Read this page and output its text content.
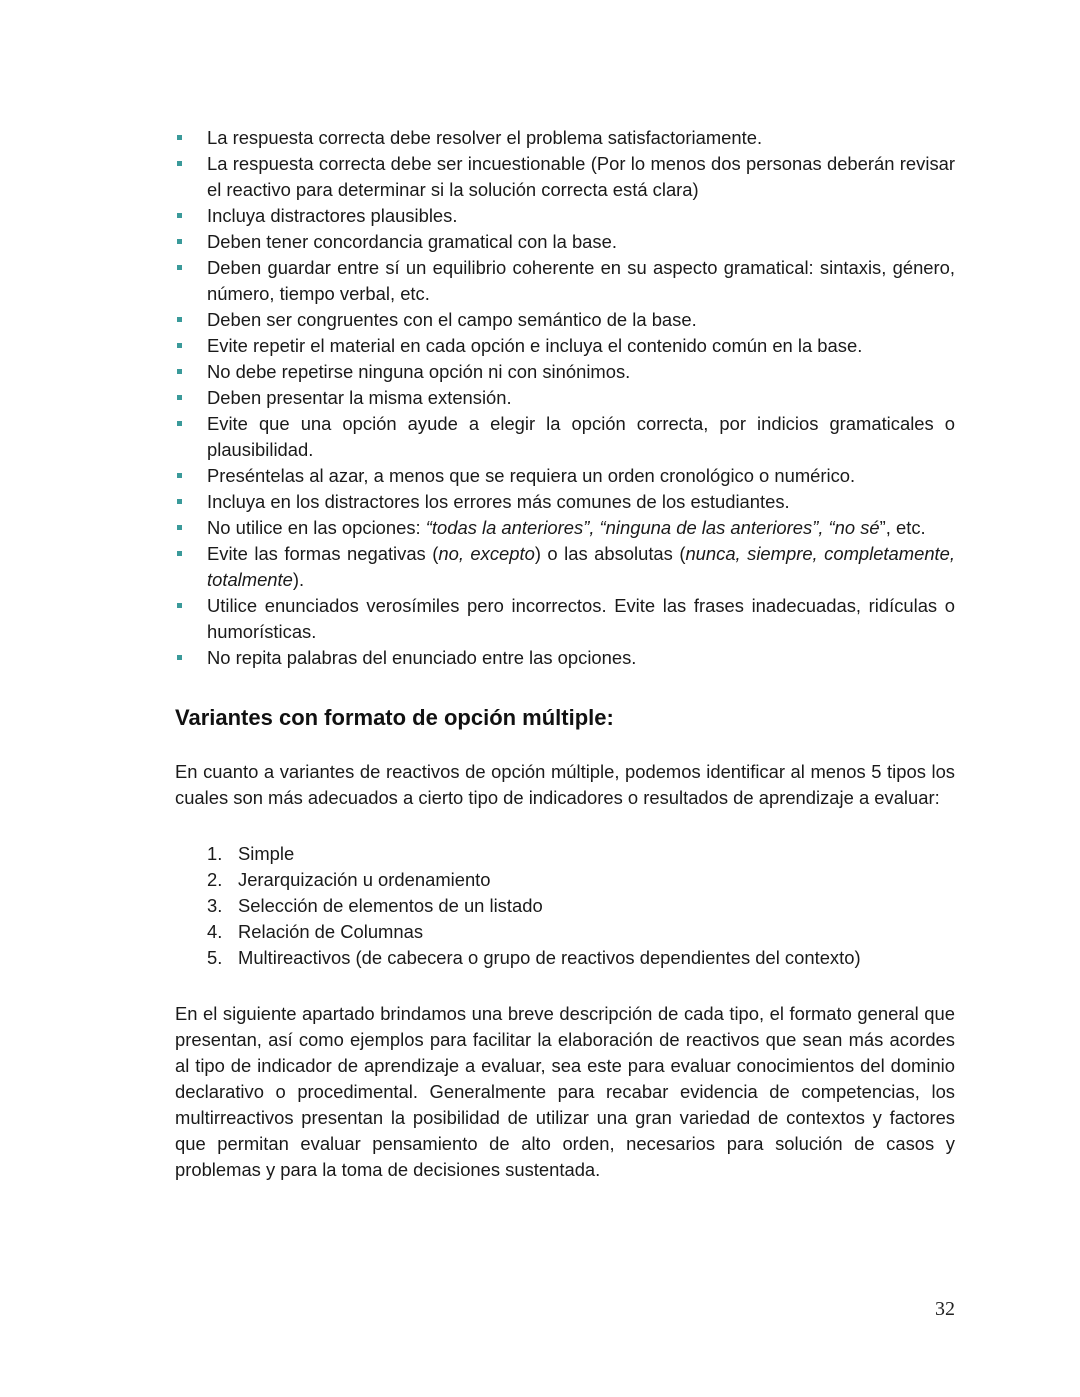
La respuesta correcta debe resolver el problema satisfactoriamente.
La respuesta correcta debe ser incuestionable (Por lo menos dos personas deberán revisar el reactivo para determinar si la solución correcta está clara)
Incluya distractores plausibles.
Deben tener concordancia gramatical con la base.
Deben guardar entre sí un equilibrio coherente en su aspecto gramatical: sintaxis, género, número, tiempo verbal, etc.
Deben ser congruentes con el campo semántico de la base.
Evite repetir el material en cada opción e incluya el contenido común en la base.
No debe repetirse ninguna opción ni con sinónimos.
Deben presentar la misma extensión.
Evite que una opción ayude a elegir la opción correcta, por indicios gramaticales o plausibilidad.
Preséntelas al azar, a menos que se requiera un orden cronológico o numérico.
Incluya en los distractores los errores más comunes de los estudiantes.
No utilice en las opciones: “todas la anteriores”, “ninguna de las anteriores”, “no sé”, etc.
Evite las formas negativas (no, excepto) o las absolutas (nunca, siempre, completamente, totalmente).
Utilice enunciados verosímiles pero incorrectos. Evite las frases inadecuadas, ridículas o humorísticas.
No repita palabras del enunciado entre las opciones.
Variantes con formato de opción múltiple:

En cuanto a variantes de reactivos de opción múltiple, podemos identificar al menos 5 tipos los cuales son más adecuados a cierto tipo de indicadores o resultados de aprendizaje a evaluar:

1. Simple
2. Jerarquización u ordenamiento
3. Selección de elementos de un listado
4. Relación de Columnas
5. Multireactivos (de cabecera o grupo de reactivos dependientes del contexto)

En el siguiente apartado brindamos una breve descripción de cada tipo, el formato general que presentan, así como ejemplos para facilitar la elaboración de reactivos que sean más acordes al tipo de indicador de aprendizaje a evaluar, sea este para evaluar conocimientos del dominio declarativo o procedimental. Generalmente para recabar evidencia de competencias, los multirreactivos presentan la posibilidad de utilizar una gran variedad de contextos y factores que permitan evaluar pensamiento de alto orden, necesarios para solución de casos y problemas y para la toma de decisiones sustentada.

32
